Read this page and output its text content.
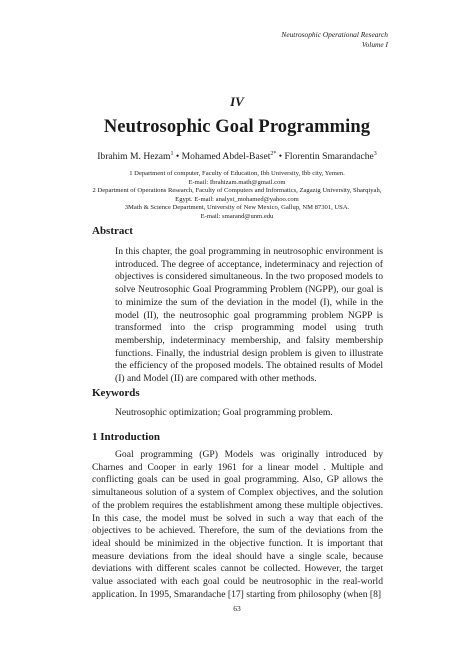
Neutrosophic Operational Research
Volume I
IV
Neutrosophic Goal Programming
Ibrahim M. Hezam$^1$ • Mohamed Abdel-Baset$^{2*}$ • Florentin Smarandache$^3$
1 Department of computer, Faculty of Education, Ibb University, Ibb city, Yemen.
E-mail: Ibrahizam.math@gmail.com
2 Department of Operations Research, Faculty of Computers and Informatics, Zagazig University, Sharqiyah,
Egypt. E-mail: analyst_mohamed@yahoo.com
3Math & Science Department, University of New Mexico, Gallup, NM 87301, USA.
E-mail: smarand@unm.edu
Abstract

In this chapter, the goal programming in neutrosophic environment is introduced. The degree of acceptance, indeterminacy and rejection of objectives is considered simultaneous. In the two proposed models to solve Neutrosophic Goal Programming Problem (NGPP), our goal is to minimize the sum of the deviation in the model (I), while in the model (II), the neutrosophic goal programming problem NGPP is transformed into the crisp programming model using truth membership, indeterminacy membership, and falsity membership functions. Finally, the industrial design problem is given to illustrate the efficiency of the proposed models. The obtained results of Model (I) and Model (II) are compared with other methods.

Keywords

Neutrosophic optimization; Goal programming problem.

1 Introduction

Goal programming (GP) Models was originally introduced by Charnes and Cooper in early 1961 for a linear model . Multiple and conflicting goals can be used in goal programming. Also, GP allows the simultaneous solution of a system of Complex objectives, and the solution of the problem requires the establishment among these multiple objectives. In this case, the model must be solved in such a way that each of the objectives to be achieved. Therefore, the sum of the deviations from the ideal should be minimized in the objective function. It is important that measure deviations from the ideal should have a single scale, because deviations with different scales cannot be collected. However, the target value associated with each goal could be neutrosophic in the real-world application. In 1995, Smarandache [17] starting from philosophy (when [8]

63
